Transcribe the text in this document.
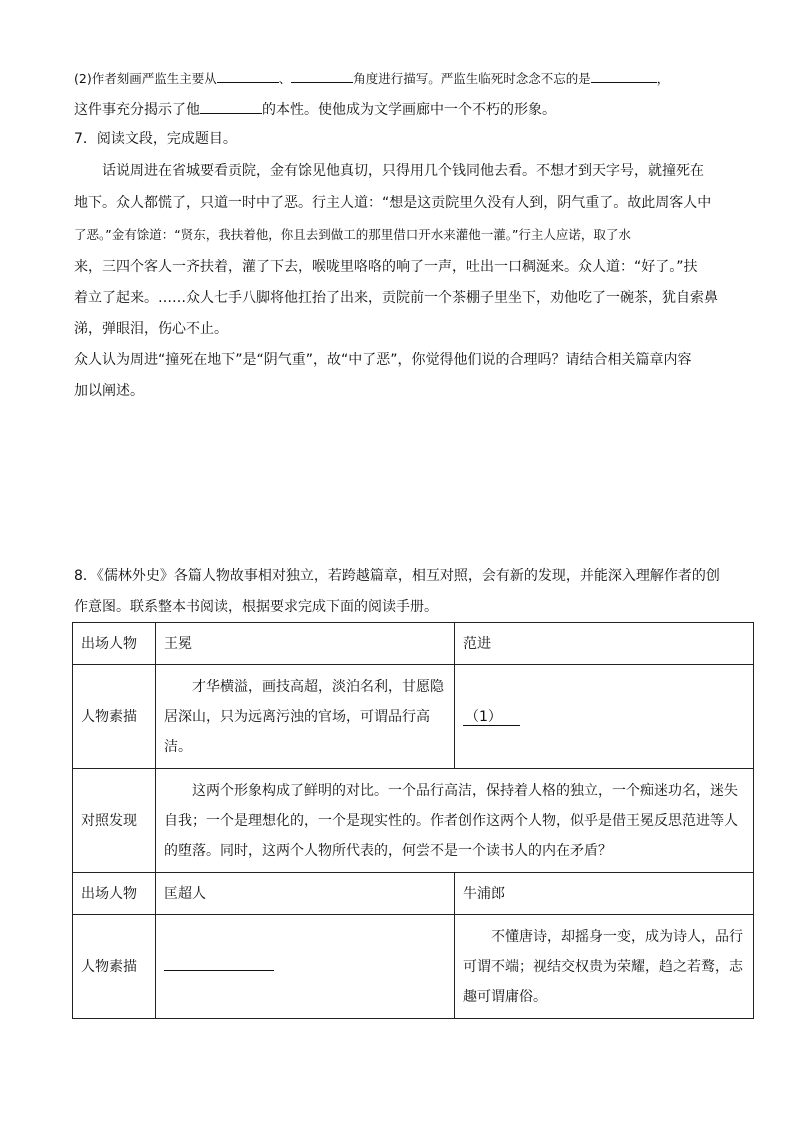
(2)作者刻画严监生主要从	、	角度进行描写。严监生临死时念念不忘的是	，
这件事充分揭示了他	的本性。使他成为文学画廊中一个不朽的形象。
7．阅读文段，完成题目。
话说周进在省城要看贡院，金有馀见他真切，只得用几个钱同他去看。不想才到天字号，就撞死在
地下。众人都慌了，只道一时中了恶。行主人道：“想是这贡院里久没有人到，阴气重了。故此周客人中
了恶。”金有馀道：“贤东，我扶着他，你且去到做工的那里借口开水来灌他一灌。”行主人应诺，取了水
来，三四个客人一齐扶着，灌了下去，喉咙里咯咯的响了一声，吐出一口稠涎来。众人道：“好了。”扶
着立了起来。……众人七手八脚将他扛抬了出来，贡院前一个茶棚子里坐下，劝他吃了一碗茶，犹自索鼻
涕，弹眼泪，伤心不止。
众人认为周进“撞死在地下”是“阴气重”，故“中了恶”，你觉得他们说的合理吗？请结合相关篇章内容
加以阐述。
8．《儒林外史》各篇人物故事相对独立，若跨越篇章，相互对照，会有新的发现，并能深入理解作者的创
作意图。联系整本书阅读，根据要求完成下面的阅读手册。
出场人物	王冕	范进
人物素描	才华横溢，画技高超，淡泊名利，甘愿隐
居深山，只为远离污浊的官场，可谓品行高
洁。	（1）
对照发现	这两个形象构成了鲜明的对比。一个品行高洁，保持着人格的独立，一个痴迷功名，迷失
自我；一个是理想化的，一个是现实性的。作者创作这两个人物，似乎是借王冕反思范进等人
的堕落。同时，这两个人物所代表的，何尝不是一个读书人的内在矛盾？	

出场人物	匡超人	牛浦郎
人物素描		不懂唐诗，却摇身一变，成为诗人，品行
可谓不端；视结交权贵为荣耀，趋之若鹜，志
趣可谓庸俗。
